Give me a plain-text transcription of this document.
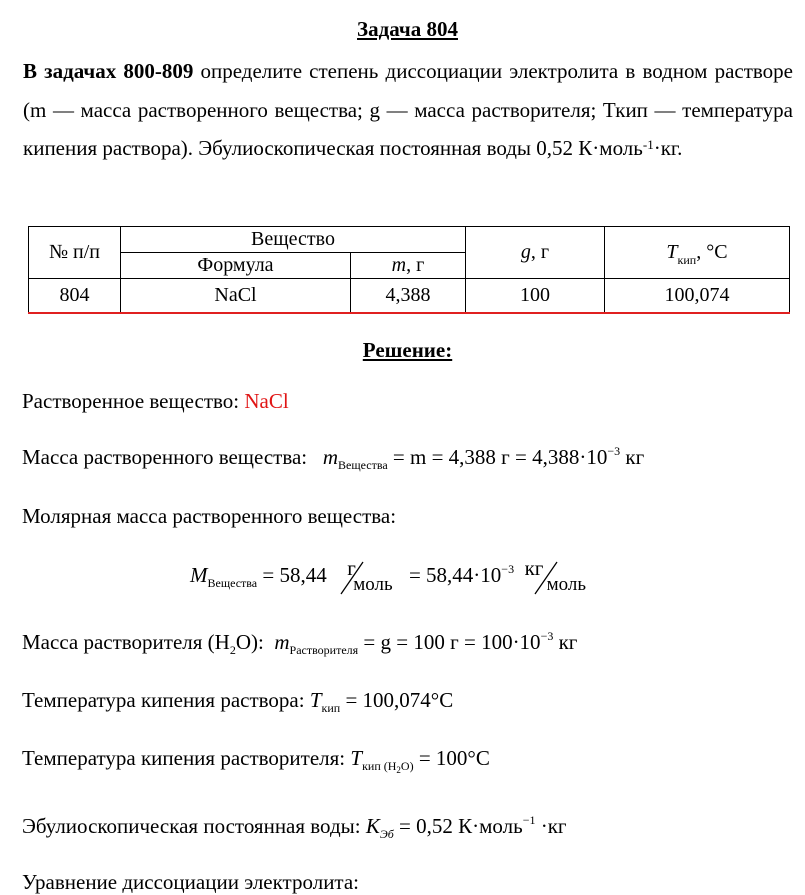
Задача 804
В задачах 800-809 определите степень диссоциации электролита в водном растворе (m — масса растворенного вещества; g — масса растворителя; Ткип — температура кипения раствора). Эбулиоскопическая постоянная воды 0,52 К·моль$^{-1}$·кг.
№ п/п	Вещество		g, г	$T_{кип}$, °C
	Формула	m, г		
804	NaCl	4,388	100	100,074
Решение:
Растворенное вещество: NaCl
Масса растворенного вещества: $m_{Вещества} = m = 4,388$ $г = 4,388\cdot 10^{-3}$ кг
Молярная масса растворенного вещества:
$M_{Вещества} = 58,44$ г
моль = $58,44\cdot 10^{-3}$ кг
моль
Масса растворителя $(H_2O)$: $m_{Растворителя} = g = 100$ $г = 100\cdot 10^{-3}$ кг
Температура кипения раствора: $T_{кип} = 100,074^\circ C$
Температура кипения растворителя: $T_{кип (H2O)} = 100^\circ C$
Эбулиоскопическая постоянная воды: $K_{Эб} = 0,52$ К·моль$^{-1}$ ·кг
Уравнение диссоциации электролита:
